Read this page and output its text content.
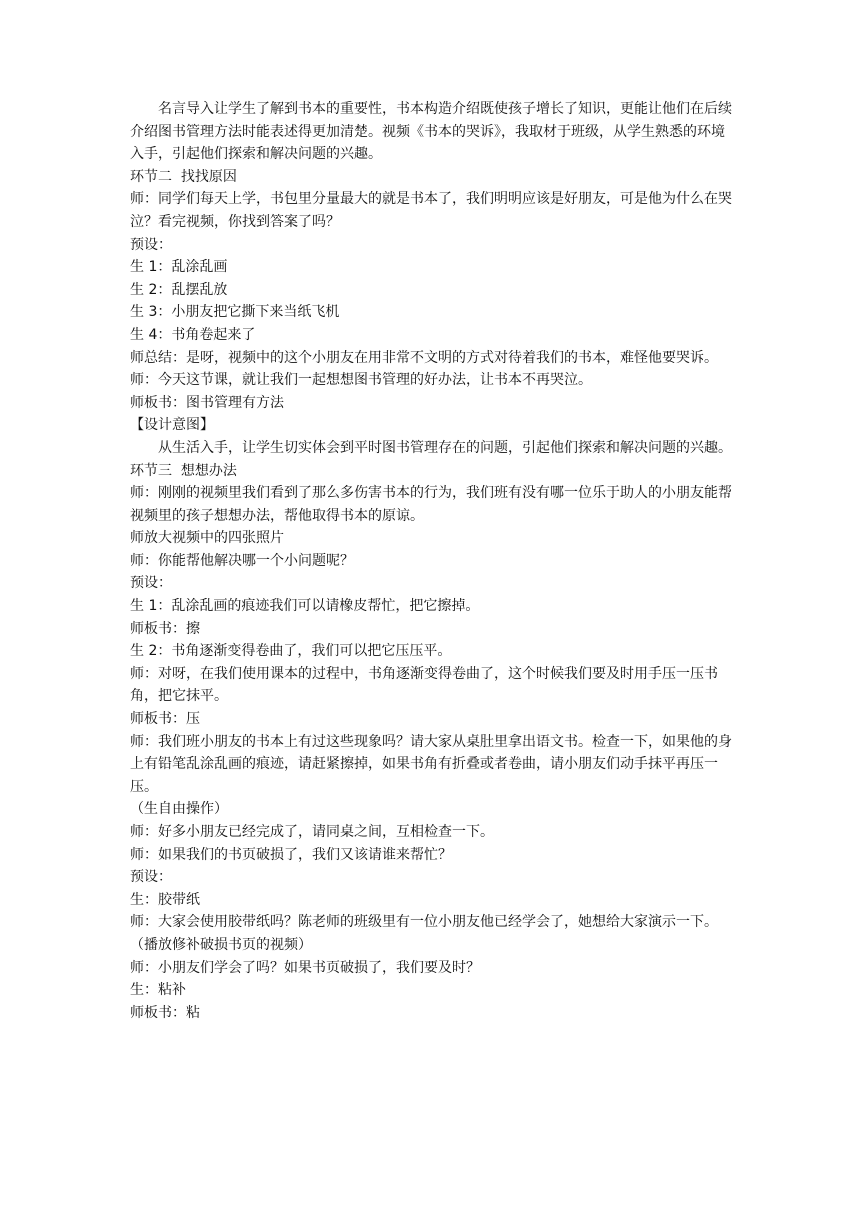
名言导入让学生了解到书本的重要性，书本构造介绍既使孩子增长了知识，更能让他们在后续介绍图书管理方法时能表述得更加清楚。视频《书本的哭诉》，我取材于班级，从学生熟悉的环境入手，引起他们探索和解决问题的兴趣。

环节二  找找原因

师：同学们每天上学，书包里分量最大的就是书本了，我们明明应该是好朋友，可是他为什么在哭泣？看完视频，你找到答案了吗？

预设：

生 1：乱涂乱画

生 2：乱摆乱放

生 3：小朋友把它撕下来当纸飞机

生 4：书角卷起来了

师总结：是呀，视频中的这个小朋友在用非常不文明的方式对待着我们的书本，难怪他要哭诉。

师：今天这节课，就让我们一起想想图书管理的好办法，让书本不再哭泣。

师板书：图书管理有方法

【设计意图】

从生活入手，让学生切实体会到平时图书管理存在的问题，引起他们探索和解决问题的兴趣。

环节三  想想办法

师：刚刚的视频里我们看到了那么多伤害书本的行为，我们班有没有哪一位乐于助人的小朋友能帮视频里的孩子想想办法，帮他取得书本的原谅。

师放大视频中的四张照片

师：你能帮他解决哪一个小问题呢？

预设：

生 1：乱涂乱画的痕迹我们可以请橡皮帮忙，把它擦掉。

师板书：擦

生 2：书角逐渐变得卷曲了，我们可以把它压压平。

师：对呀，在我们使用课本的过程中，书角逐渐变得卷曲了，这个时候我们要及时用手压一压书角，把它抹平。

师板书：压

师：我们班小朋友的书本上有过这些现象吗？请大家从桌肚里拿出语文书。检查一下，如果他的身上有铅笔乱涂乱画的痕迹，请赶紧擦掉，如果书角有折叠或者卷曲，请小朋友们动手抹平再压一压。

（生自由操作）

师：好多小朋友已经完成了，请同桌之间，互相检查一下。

师：如果我们的书页破损了，我们又该请谁来帮忙？

预设：

生：胶带纸

师：大家会使用胶带纸吗？陈老师的班级里有一位小朋友他已经学会了，她想给大家演示一下。

（播放修补破损书页的视频）

师：小朋友们学会了吗？如果书页破损了，我们要及时？

生：粘补

师板书：粘
